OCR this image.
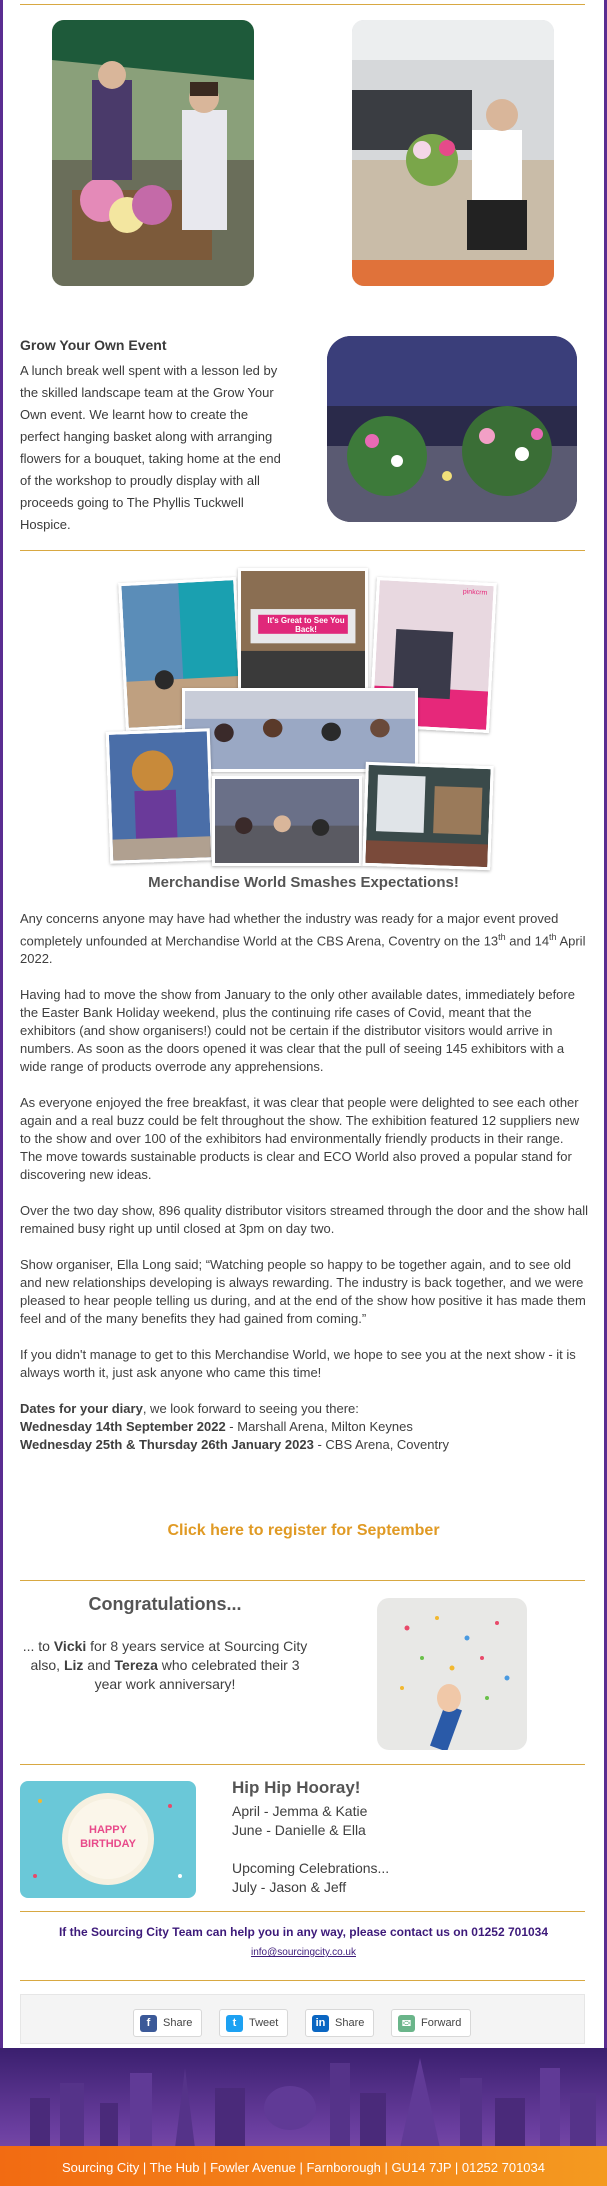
Grow Your Own Event
A lunch break well spent with a lesson led by the skilled landscape team at the Grow Your Own event. We learnt how to create the perfect hanging basket along with arranging flowers for a bouquet, taking home at the end of the workshop to proudly display with all proceeds going to The Phyllis Tuckwell Hospice.
It's Great to See You Back!
pinkcrm
Merchandise World Smashes Expectations!

Any concerns anyone may have had whether the industry was ready for a major event proved completely unfounded at Merchandise World at the CBS Arena, Coventry on the 13th and 14th April 2022.

Having had to move the show from January to the only other available dates, immediately before the Easter Bank Holiday weekend, plus the continuing rife cases of Covid, meant that the exhibitors (and show organisers!) could not be certain if the distributor visitors would arrive in numbers. As soon as the doors opened it was clear that the pull of seeing 145 exhibitors with a wide range of products overrode any apprehensions.

As everyone enjoyed the free breakfast, it was clear that people were delighted to see each other again and a real buzz could be felt throughout the show. The exhibition featured 12 suppliers new to the show and over 100 of the exhibitors had environmentally friendly products in their range. The move towards sustainable products is clear and ECO World also proved a popular stand for discovering new ideas.

Over the two day show, 896 quality distributor visitors streamed through the door and the show hall remained busy right up until closed at 3pm on day two.

Show organiser, Ella Long said; “Watching people so happy to be together again, and to see old and new relationships developing is always rewarding. The industry is back together, and we were pleased to hear people telling us during, and at the end of the show how positive it has made them feel and of the many benefits they had gained from coming.”

If you didn't manage to get to this Merchandise World, we hope to see you at the next show - it is always worth it, just ask anyone who came this time!

Dates for your diary, we look forward to seeing you there:
Wednesday 14th September 2022 - Marshall Arena, Milton Keynes
Wednesday 25th & Thursday 26th January 2023 - CBS Arena, Coventry
Click here to register for September
Congratulations...
... to Vicki for 8 years service at Sourcing City also, Liz and Tereza who celebrated their 3 year work anniversary!
HAPPY BIRTHDAY
Hip Hip Hooray!
April - Jemma & Katie
June - Danielle & Ella
Upcoming Celebrations...
July - Jason & Jeff
If the Sourcing City Team can help you in any way, please contact us on 01252 701034
info@sourcingcity.co.uk
f	Share	t	Tweet	in Share	✉ Forward
Sourcing City | The Hub | Fowler Avenue | Farnborough | GU14 7JP | 01252 701034
